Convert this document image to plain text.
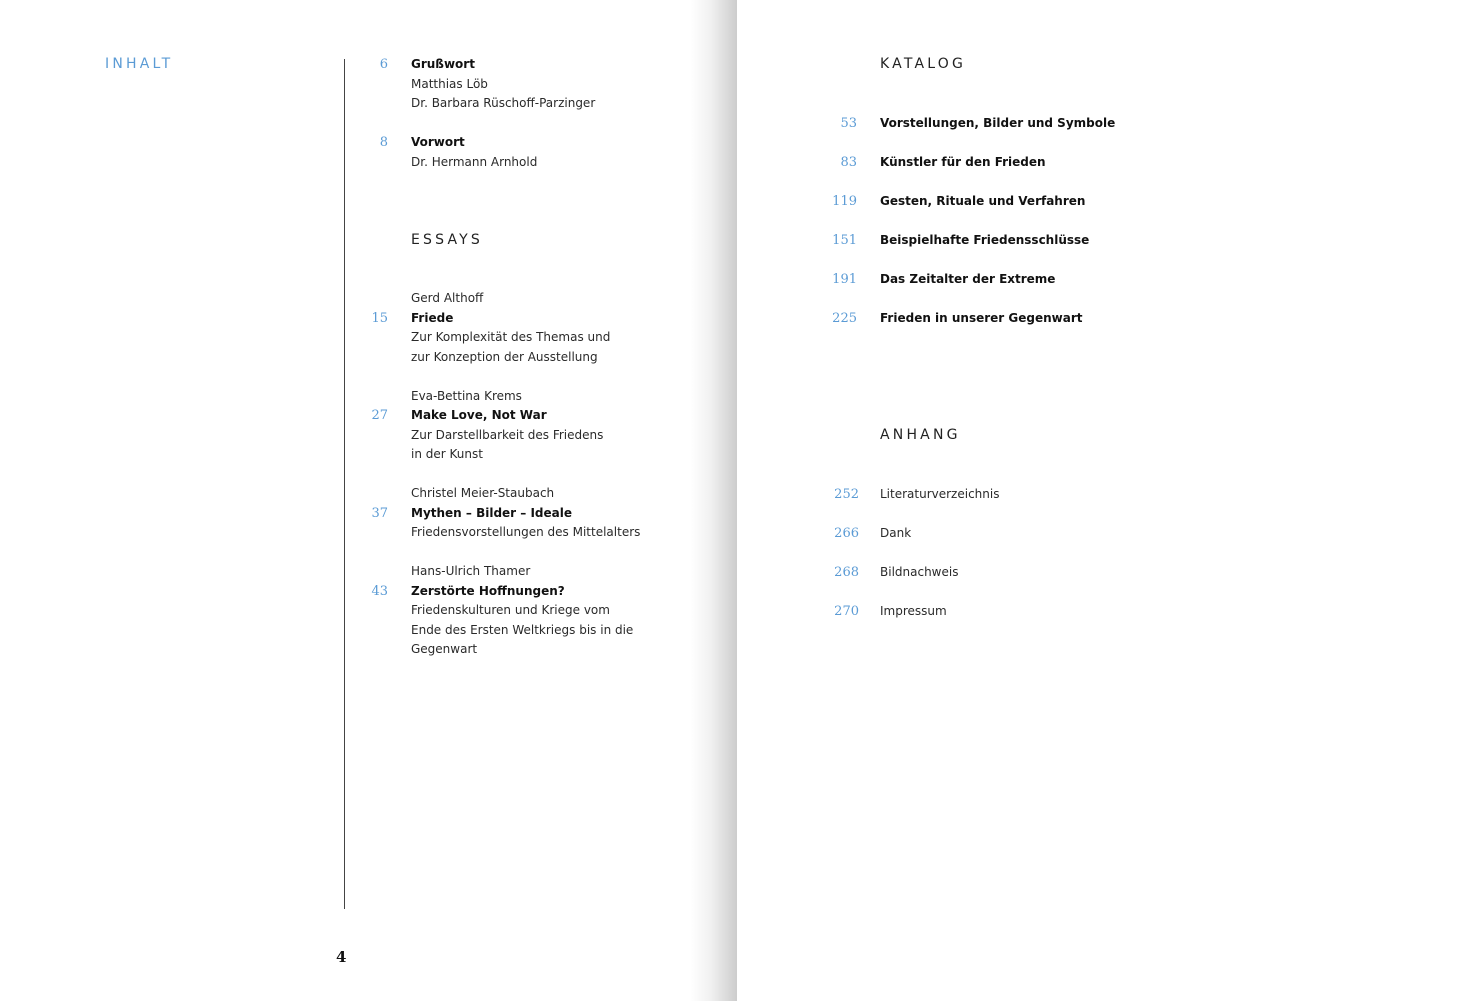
INHALT	6 Grußwort
Matthias Löb
Dr. Barbara Rüschoff-Parzinger
8 Vorwort
Dr. Hermann Arnhold
ESSAYS
Gerd Althoff
15 Friede
Zur Komplexität des Themas und
zur Konzeption der Ausstellung
Eva-Bettina Krems
27 Make Love, Not War
Zur Darstellbarkeit des Friedens
in der Kunst
Christel Meier-Staubach
37 Mythen – Bilder – Ideale
Friedensvorstellungen des Mittelalters
Hans-Ulrich Thamer
43 Zerstörte Hoffnungen?
Friedenskulturen und Kriege vom
Ende des Ersten Weltkriegs bis in die
Gegenwart
4
KATALOG
53 Vorstellungen, Bilder und Symbole
83 Künstler für den Frieden
119 Gesten, Rituale und Verfahren
151 Beispielhafte Friedensschlüsse
191 Das Zeitalter der Extreme
225 Frieden in unserer Gegenwart
ANHANG
252 Literaturverzeichnis
266 Dank
268 Bildnachweis
270 Impressum
